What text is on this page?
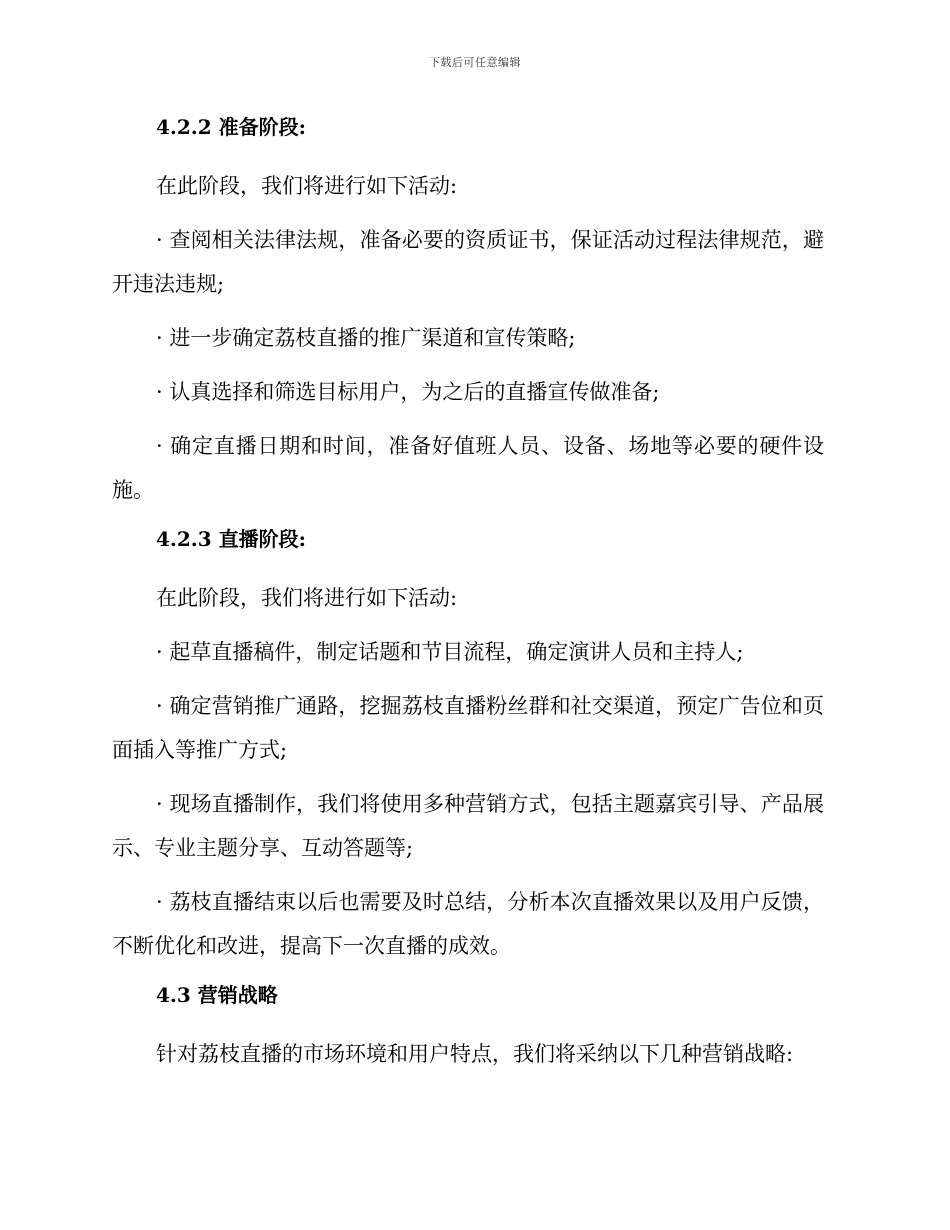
下载后可任意编辑
4.2.2 准备阶段:

在此阶段，我们将进行如下活动:

· 查阅相关法律法规，准备必要的资质证书，保证活动过程法律规范，避开违法违规;

· 进一步确定荔枝直播的推广渠道和宣传策略;

· 认真选择和筛选目标用户，为之后的直播宣传做准备;

· 确定直播日期和时间，准备好值班人员、设备、场地等必要的硬件设施。

4.2.3 直播阶段:

在此阶段，我们将进行如下活动:

· 起草直播稿件，制定话题和节目流程，确定演讲人员和主持人;

· 确定营销推广通路，挖掘荔枝直播粉丝群和社交渠道，预定广告位和页面插入等推广方式;

· 现场直播制作，我们将使用多种营销方式，包括主题嘉宾引导、产品展示、专业主题分享、互动答题等;

· 荔枝直播结束以后也需要及时总结，分析本次直播效果以及用户反馈，不断优化和改进，提高下一次直播的成效。

4.3 营销战略

针对荔枝直播的市场环境和用户特点，我们将采纳以下几种营销战略:
